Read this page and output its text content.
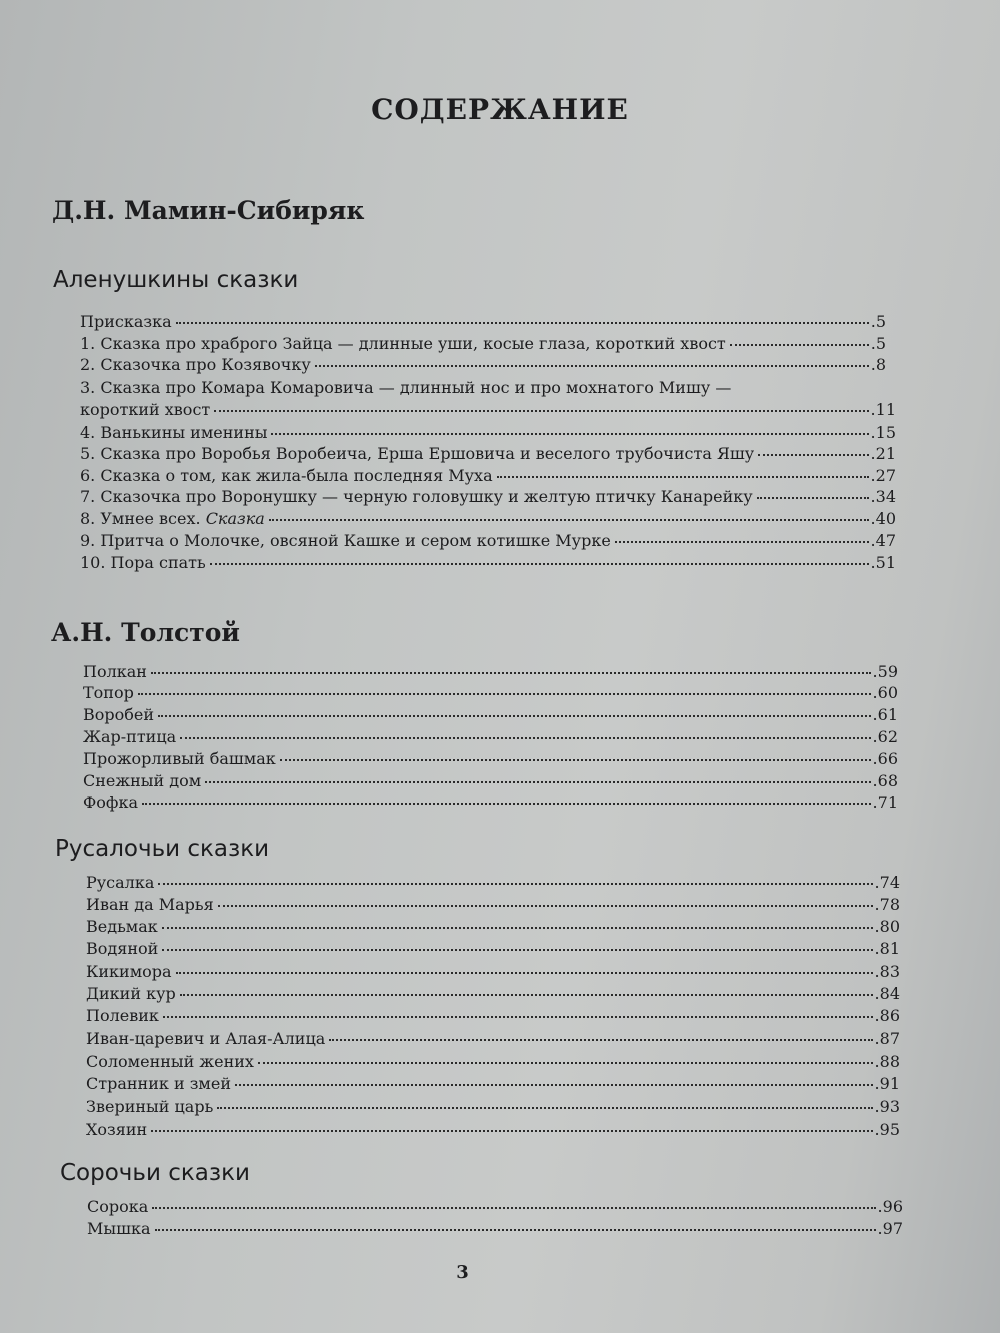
СОДЕРЖАНИЕ
Д.Н. Мамин-Сибиряк
Аленушкины сказки
Присказка	.5
1. Сказка про храброго Зайца — длинные уши, косые глаза, короткий хвост	.5
2. Сказочка про Козявочку	.8
3. Сказка про Комара Комаровича — длинный нос и про мохнатого Мишу —
короткий хвост	.11
4. Ванькины именины	.15
5. Сказка про Воробья Воробеича, Ерша Ершовича и веселого трубочиста Яшу	.21
6. Сказка о том, как жила-была последняя Муха	.27
7. Сказочка про Воронушку — черную головушку и желтую птичку Канарейку	.34
8. Умнее всех. Сказка	.40
9. Притча о Молочке, овсяной Кашке и сером котишке Мурке	.47
10. Пора спать	.51
А.Н. Толстой
Полкан	.59
Топор	.60
Воробей	.61
Жар-птица	.62
Прожорливый башмак	.66
Снежный дом	.68
Фофка	.71
Русалочьи сказки
Русалка	.74
Иван да Марья	.78
Ведьмак	.80
Водяной	.81
Кикимора	.83
Дикий кур	.84
Полевик	.86
Иван-царевич и Алая-Алица	.87
Соломенный жених	.88
Странник и змей	.91
Звериный царь	.93
Хозяин	.95
Сорочьи сказки
Сорока	.96
Мышка	.97
3
